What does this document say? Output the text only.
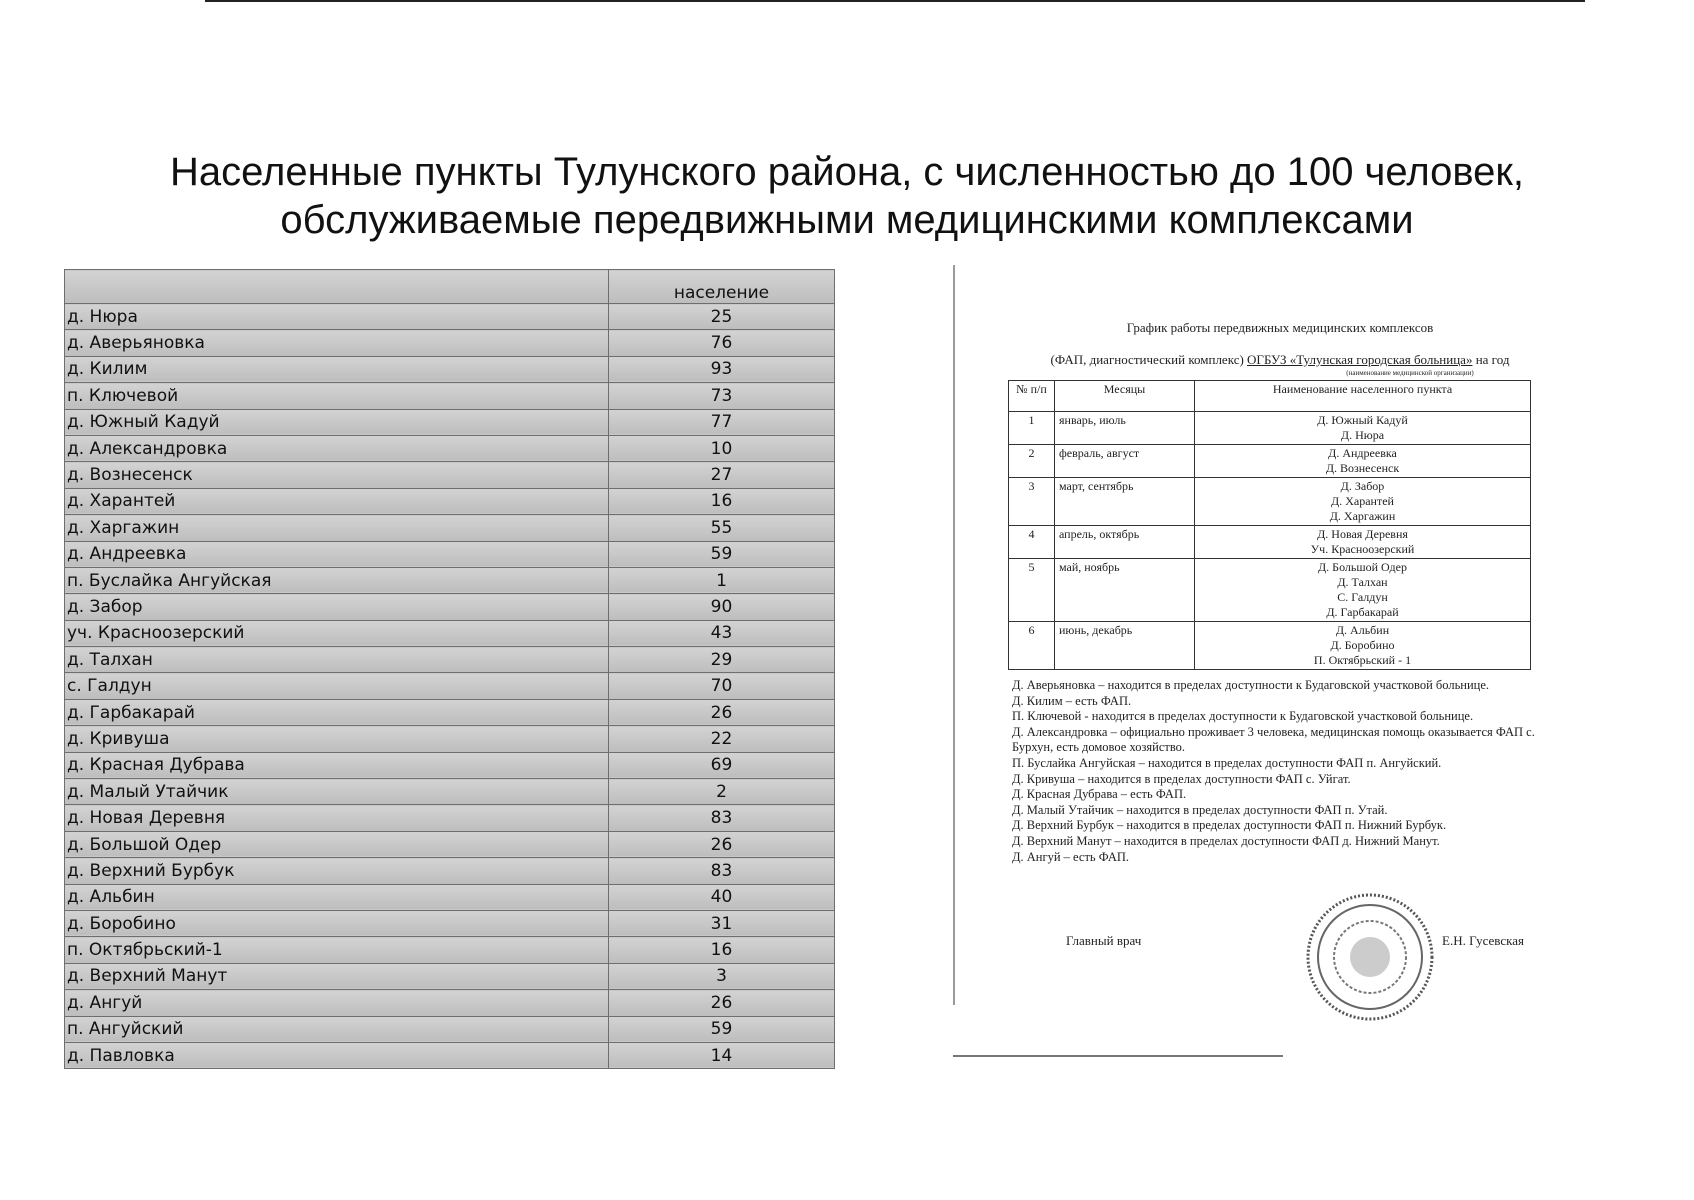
Населенные пункты Тулунского района, с численностью до 100 человек,
обслуживаемые передвижными медицинскими комплексами
	население
д. Нюра	25
д. Аверьяновка	76
д. Килим	93
п. Ключевой	73
д. Южный Кадуй	77
д. Александровка	10
д. Вознесенск	27
д. Харантей	16
д. Харгажин	55
д. Андреевка	59
п. Буслайка Ангуйская	1
д. Забор	90
уч. Красноозерский	43
д. Талхан	29
с. Галдун	70
д. Гарбакарай	26
д. Кривуша	22
д. Красная Дубрава	69
д. Малый Утайчик	2
д. Новая Деревня	83
д. Большой Одер	26
д. Верхний Бурбук	83
д. Альбин	40
д. Боробино	31
п. Октябрьский-1	16
д. Верхний Манут	3
д. Ангуй	26
п. Ангуйский	59
д. Павловка	14
График работы передвижных медицинских комплексов
(ФАП, диагностический комплекс) ОГБУЗ «Тулунская городская больница» на год
(наименование медицинской организации)
№ п/п	Месяцы	Наименование населенного пункта
1	январь, июль	Д. Южный Кадуй
Д. Нюра

2	февраль, август	Д. Андреевка
Д. Вознесенск

3	март, сентябрь	Д. Забор
Д. Харантей
Д. Харгажин

4	апрель, октябрь	Д. Новая Деревня
Уч. Красноозерский

5	май, ноябрь	Д. Большой Одер
Д. Талхан
С. Галдун
Д. Гарбакарай

6	июнь, декабрь	Д. Альбин
Д. Боробино
П. Октябрьский - 1
Д. Аверьяновка – находится в пределах доступности к Будаговской участковой больнице.
Д. Килим – есть ФАП.
П. Ключевой - находится в пределах доступности к Будаговской участковой больнице.
Д. Александровка – официально проживает 3 человека, медицинская помощь оказывается ФАП с. Бурхун, есть домовое хозяйство.
П. Буслайка Ангуйская – находится в пределах доступности ФАП п. Ангуйский.
Д. Кривуша – находится в пределах доступности ФАП с. Уйгат.
Д. Красная Дубрава – есть ФАП.
Д. Малый Утайчик – находится в пределах доступности ФАП п. Утай.
Д. Верхний Бурбук – находится в пределах доступности ФАП п. Нижний Бурбук.
Д. Верхний Манут – находится в пределах доступности ФАП д. Нижний Манут.
Д. Ангуй – есть ФАП.
Главный врач	Е.Н. Гусевская
